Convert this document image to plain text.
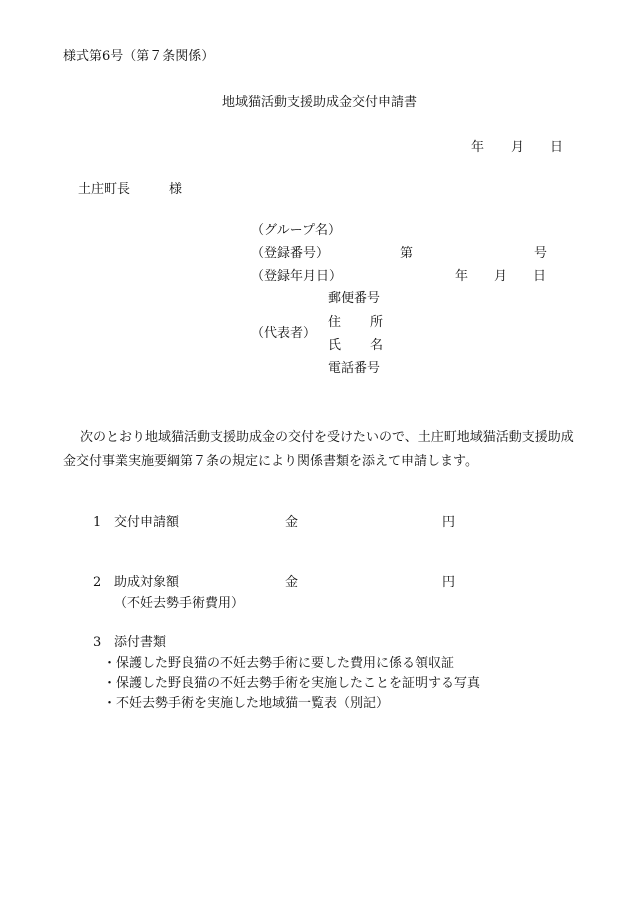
様式第6号（第７条関係）
地域猫活動支援助成金交付申請書
年 月 日
土庄町長	様
（グループ名）
（登録番号）	第	号
（登録年月日）	年 月 日
郵便番号
住 所
（代表者）
氏 名
電話番号
次のとおり地域猫活動支援助成金の交付を受けたいので、土庄町地域猫活動支援助成
金交付事業実施要綱第７条の規定により関係書類を添えて申請します。
1 交付申請額	金	円
2 助成対象額	金	円
（不妊去勢手術費用）
3 添付書類
・保護した野良猫の不妊去勢手術に要した費用に係る領収証
・保護した野良猫の不妊去勢手術を実施したことを証明する写真
・不妊去勢手術を実施した地域猫一覧表（別記）
